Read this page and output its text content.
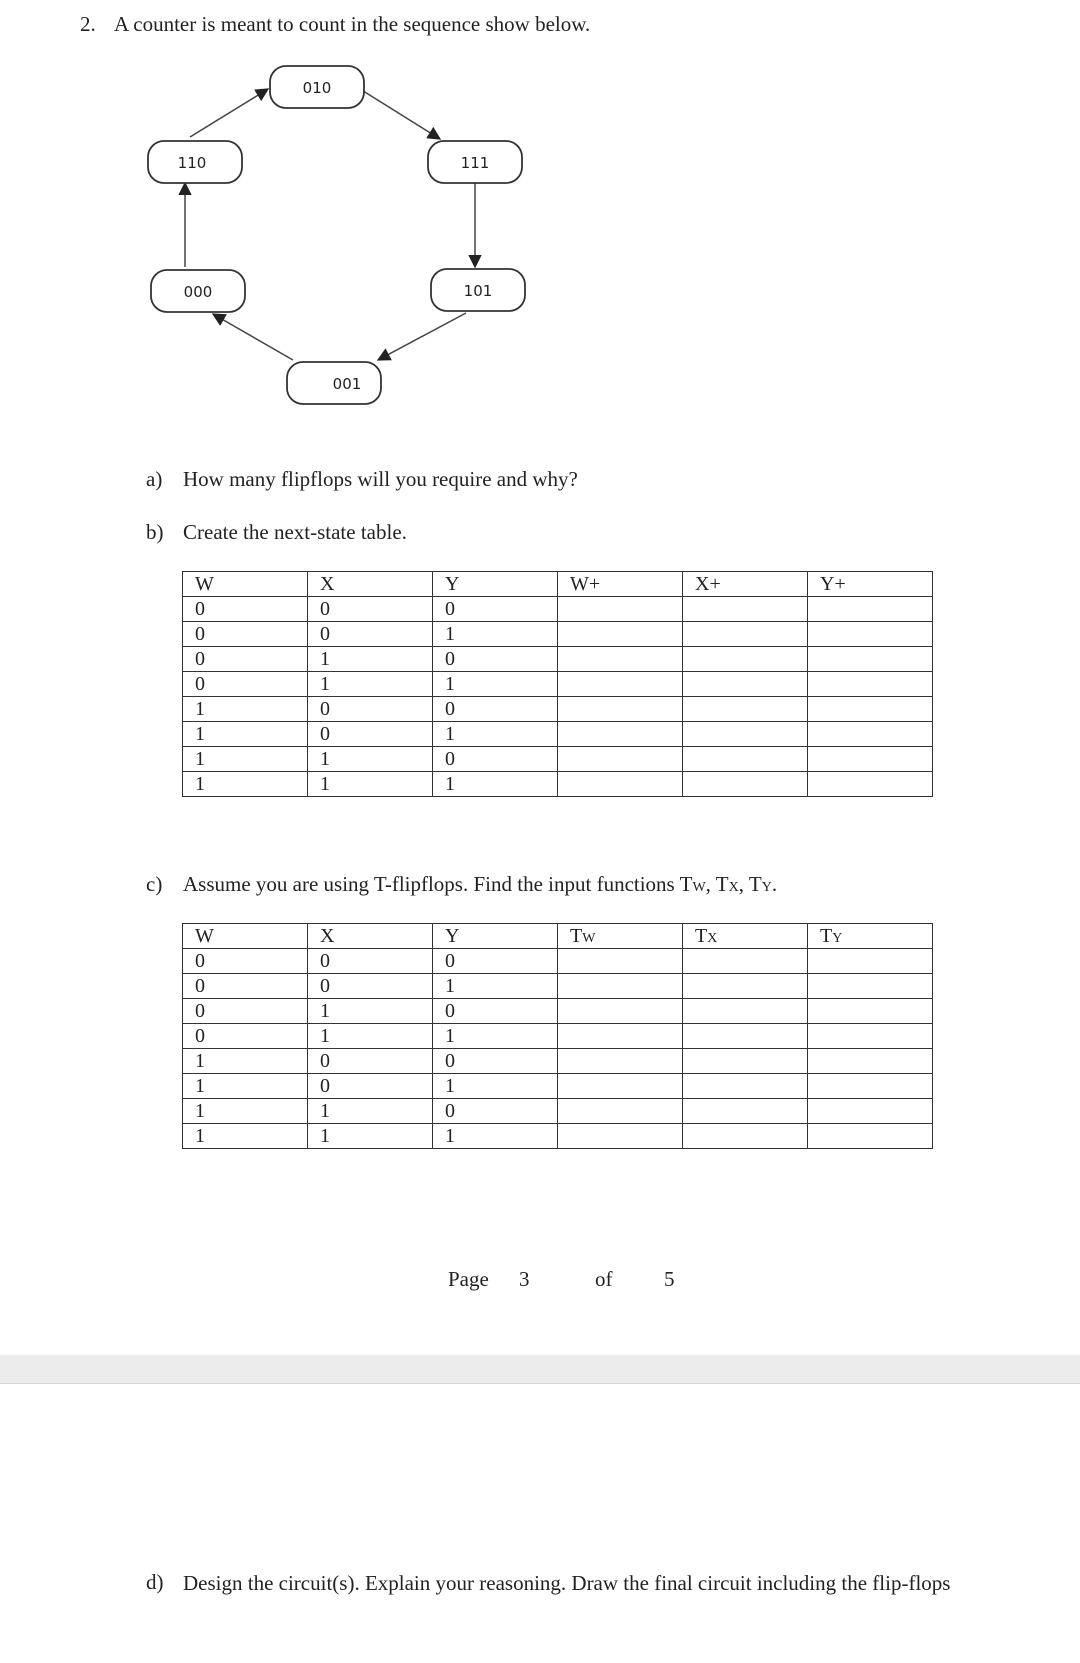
2. A counter is meant to count in the sequence show below.
010
111
101
001
000
110
a) How many flipflops will you require and why?
b) Create the next-state table.
W	X	Y	W+	X+	Y+
0	0	0			
0	0	1			
0	1	0			
0	1	1			
1	0	0			
1	0	1			
1	1	0			
1	1	1			
c) Assume you are using T-flipflops. Find the input functions TW, TX, TY.
W	X	Y	TW	TX	TY
0	0	0			
0	0	1			
0	1	0			
0	1	1			
1	0	0			
1	0	1			
1	1	0			
1	1	1			
Page 3	of 5
d) Design the circuit(s). Explain your reasoning. Draw the final circuit including the flip-flops
